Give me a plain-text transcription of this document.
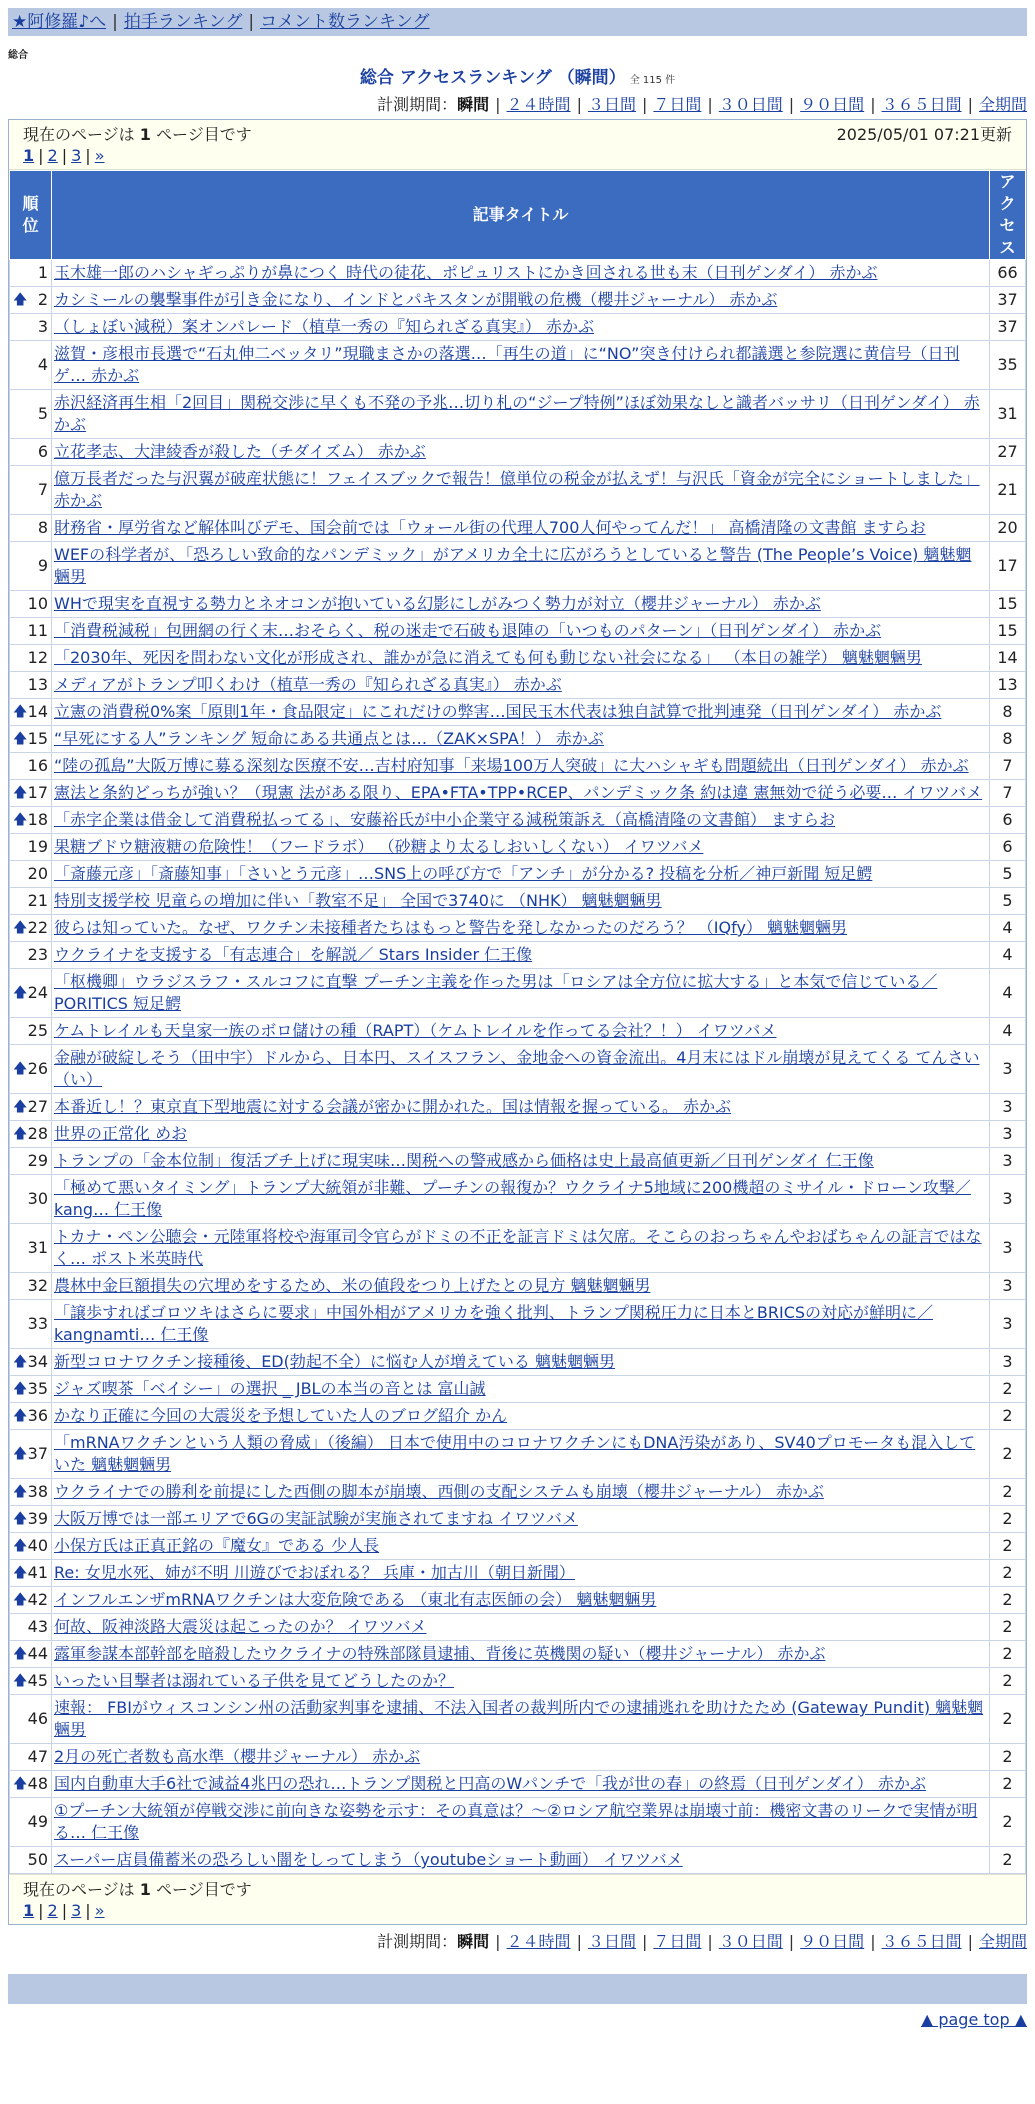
★阿修羅♪へ | 拍手ランキング | コメント数ランキング
総合
総合 アクセスランキング （瞬間） 全 115 件
計測期間：瞬間 | ２４時間 | ３日間 | ７日間 | ３０日間 | ９０日間 | ３６５日間 | 全期間
現在のページは 1 ページ目です	2025/05/01 07:21更新
1 | 2 | 3 | »
順位	記事タイトル	アクセス
1	玉木雄一郎のハシャギっぷりが鼻につく 時代の徒花、ポピュリストにかき回される世も末（日刊ゲンダイ） 赤かぶ	66

🡅 2	カシミールの襲撃事件が引き金になり、インドとパキスタンが開戦の危機（櫻井ジャーナル） 赤かぶ	37
3	（しょぼい減税）案オンパレード（植草一秀の『知られざる真実』） 赤かぶ	37
4	滋賀・彦根市長選で“石丸伸二ベッタリ”現職まさかの落選…「再生の道」に“NO”突き付けられ都議選と参院選に黄信号（日刊ゲ… 赤かぶ	35
5	赤沢経済再生相「2回目」関税交渉に早くも不発の予兆…切り札の“ジープ特例”ほぼ効果なしと識者バッサリ（日刊ゲンダイ） 赤かぶ	31
6	立花孝志、大津綾香が殺した（チダイズム） 赤かぶ	27
7	億万長者だった与沢翼が破産状態に！フェイスブックで報告！億単位の税金が払えず！与沢氏「資金が完全にショートしました」 赤かぶ	21
8	財務省・厚労省など解体叫びデモ、国会前では「ウォール街の代理人700人何やってんだ！」 高橋清隆の文書館 ますらお	20
9	WEFの科学者が、「恐ろしい致命的なパンデミック」がアメリカ全土に広がろうとしていると警告 (The People’s Voice) 魑魅魍魎男	17
10	WHで現実を直視する勢力とネオコンが抱いている幻影にしがみつく勢力が対立（櫻井ジャーナル） 赤かぶ	15
11	「消費税減税」包囲網の行く末…おそらく、税の迷走で石破も退陣の「いつものパターン」（日刊ゲンダイ） 赤かぶ	15
12	「2030年、死因を問わない文化が形成され、誰かが急に消えても何も動じない社会になる」 （本日の雑学） 魑魅魍魎男	14
13	メディアがトランプ叩くわけ（植草一秀の『知られざる真実』） 赤かぶ	13

🡅 14	立憲の消費税0%案「原則1年・食品限定」にこれだけの弊害…国民玉木代表は独自試算で批判連発（日刊ゲンダイ） 赤かぶ	8

🡅 15	“早死にする人”ランキング 短命にある共通点とは…（ZAK×SPA！） 赤かぶ	8
16	“陸の孤島”大阪万博に募る深刻な医療不安…吉村府知事「来場100万人突破」に大ハシャギも問題続出（日刊ゲンダイ） 赤かぶ	7

🡅 17	憲法と条約どっちが強い？（現憲 法がある限り、EPA•FTA•TPP•RCEP、パンデミック条 約は違 憲無効で従う必要… イワツバメ	7

🡅 18	「赤字企業は借金して消費税払ってる」、安藤裕氏が中小企業守る減税策訴え（高橋清隆の文書館） ますらお	6
19	果糖ブドウ糖液糖の危険性！（フードラボ） （砂糖より太るしおいしくない） イワツバメ	6
20	「斎藤元彦」「斎藤知事」「さいとう元彦」…SNS上の呼び方で「アンチ」が分かる? 投稿を分析／神戸新聞 短足鰐	5
21	特別支援学校 児童らの増加に伴い「教室不足」 全国で3740に （NHK） 魑魅魍魎男	5

🡅 22	彼らは知っていた。なぜ、ワクチン未接種者たちはもっと警告を発しなかったのだろう？ （IQfy） 魑魅魍魎男	4
23	ウクライナを支援する「有志連合」を解説／ Stars Insider 仁王像	4

🡅 24	「枢機卿」ウラジスラフ・スルコフに直撃 プーチン主義を作った男は「ロシアは全方位に拡大する」と本気で信じている／PORITICS 短足鰐	4
25	ケムトレイルも天皇家一族のボロ儲けの種（RAPT）（ケムトレイルを作ってる会社？！） イワツバメ	4

🡅 26	金融が破綻しそう（田中宇）ドルから、日本円、スイスフラン、金地金への資金流出。4月末にはドル崩壊が見えてくる てんさい（い）	3

🡅 27	本番近し！？東京直下型地震に対する会議が密かに開かれた。国は情報を握っている。 赤かぶ	3

🡅 28	世界の正常化 めお	3
29	トランプの「金本位制」復活ブチ上げに現実味…関税への警戒感から価格は史上最高値更新／日刊ゲンダイ 仁王像	3
30	「極めて悪いタイミング」トランプ大統領が非難、プーチンの報復か？ウクライナ5地域に200機超のミサイル・ドローン攻撃／kang… 仁王像	3
31	トカナ・ペン公聴会・元陸軍将校や海軍司令官らがドミの不正を証言ドミは欠席。そこらのおっちゃんやおばちゃんの証言ではなく… ポスト米英時代	3
32	農林中金巨額損失の穴埋めをするため、米の値段をつり上げたとの見方 魑魅魍魎男	3
33	「譲歩すればゴロツキはさらに要求」中国外相がアメリカを強く批判、トランプ関税圧力に日本とBRICSの対応が鮮明に／kangnamti… 仁王像	3

🡅 34	新型コロナワクチン接種後、ED(勃起不全）に悩む人が増えている 魑魅魍魎男	3

🡅 35	ジャズ喫茶「ベイシー」の選択 _ JBLの本当の音とは 富山誠	2

🡅 36	かなり正確に今回の大震災を予想していた人のブログ紹介 かん	2

🡅 37	「mRNAワクチンという人類の脅威」（後編） 日本で使用中のコロナワクチンにもDNA汚染があり、SV40プロモータも混入していた 魑魅魍魎男	2

🡅 38	ウクライナでの勝利を前提にした西側の脚本が崩壊、西側の支配システムも崩壊（櫻井ジャーナル） 赤かぶ	2

🡅 39	大阪万博では一部エリアで6Gの実証試験が実施されてますね イワツバメ	2

🡅 40	小保方氏は正真正銘の『魔女』である 少人長	2

🡅 41	Re: 女児水死、姉が不明 川遊びでおぼれる？ 兵庫・加古川（朝日新聞）	2

🡅 42	インフルエンザmRNAワクチンは大変危険である （東北有志医師の会） 魑魅魍魎男	2
43	何故、阪神淡路大震災は起こったのか？ イワツバメ	2

🡅 44	露軍参謀本部幹部を暗殺したウクライナの特殊部隊員逮捕、背後に英機関の疑い（櫻井ジャーナル） 赤かぶ	2

🡅 45	いったい目撃者は溺れている子供を見てどうしたのか？	2
46	速報： FBIがウィスコンシン州の活動家判事を逮捕、不法入国者の裁判所内での逮捕逃れを助けたため (Gateway Pundit) 魑魅魍魎男	2
47	2月の死亡者数も高水準（櫻井ジャーナル） 赤かぶ	2

🡅 48	国内自動車大手6社で減益4兆円の恐れ…トランプ関税と円高のWパンチで「我が世の春」の終焉（日刊ゲンダイ） 赤かぶ	2
49	①プーチン大統領が停戦交渉に前向きな姿勢を示す：その真意は？～②ロシア航空業界は崩壊寸前：機密文書のリークで実情が明る… 仁王像	2
50	スーパー店員備蓄米の恐ろしい闇をしってしまう（youtubeショート動画） イワツバメ	2
現在のページは 1 ページ目です
1 | 2 | 3 | »
計測期間：瞬間 | ２４時間 | ３日間 | ７日間 | ３０日間 | ９０日間 | ３６５日間 | 全期間
▲ page top ▲
